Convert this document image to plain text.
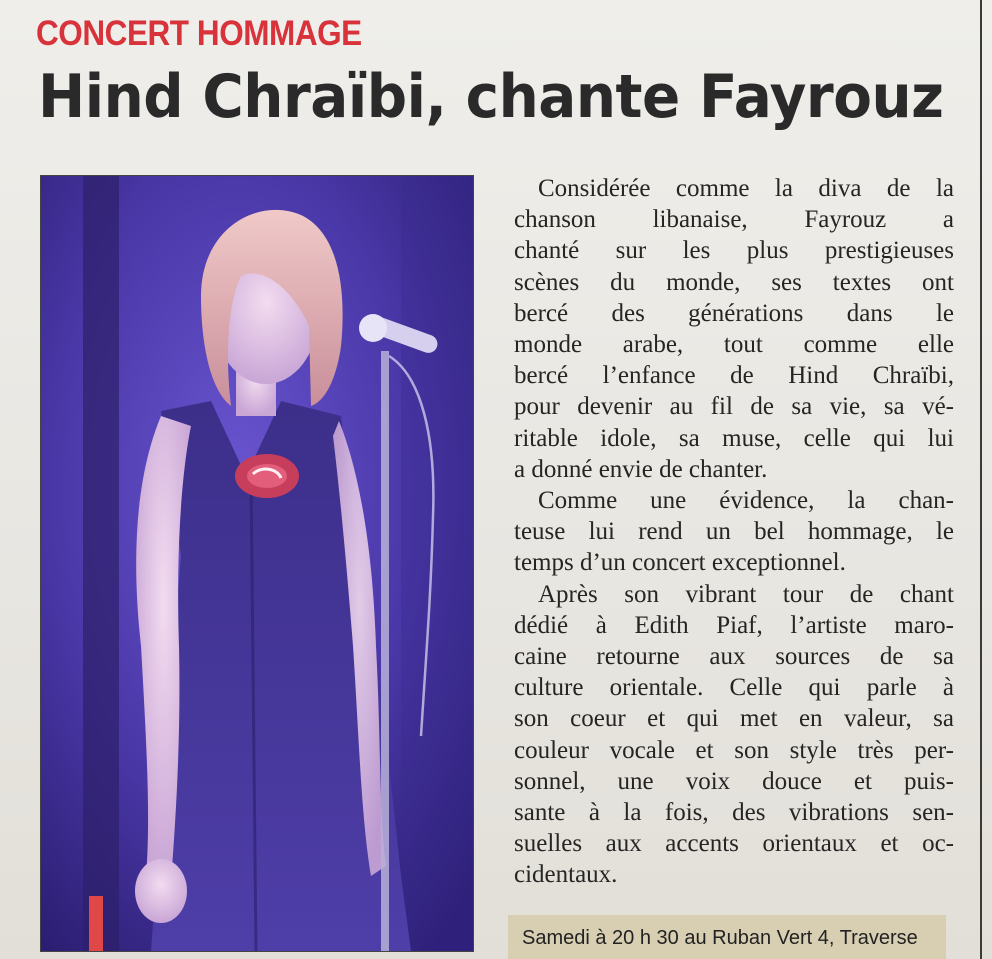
CONCERT HOMMAGE
Hind Chraïbi, chante Fayrouz

Considérée comme la diva de la
chanson libanaise, Fayrouz a
chanté sur les plus prestigieuses
scènes du monde, ses textes ont
bercé des générations dans le
monde arabe, tout comme elle
bercé l’enfance de Hind Chraïbi,
pour devenir au fil de sa vie, sa vé-
ritable idole, sa muse, celle qui lui
a donné envie de chanter.

Comme une évidence, la chan-
teuse lui rend un bel hommage, le
temps d’un concert exceptionnel.

Après son vibrant tour de chant
dédié à Edith Piaf, l’artiste maro-
caine retourne aux sources de sa
culture orientale. Celle qui parle à
son coeur et qui met en valeur, sa
couleur vocale et son style très per-
sonnel, une voix douce et puis-
sante à la fois, des vibrations sen-
suelles aux accents orientaux et oc-
cidentaux.

Samedi à 20 h 30 au Ruban Vert 4, Traverse
